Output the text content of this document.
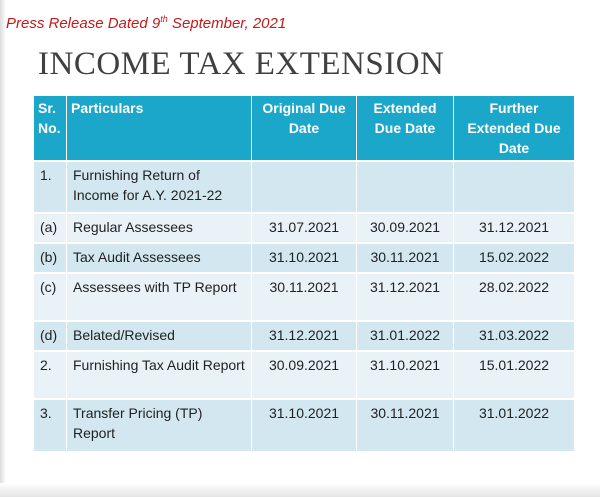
Press Release Dated 9th September, 2021
INCOME TAX EXTENSION
Sr. No.	Particulars	Original Due Date	Extended Due Date	Further Extended Due Date
1.	Furnishing Return of Income for A.Y. 2021-22			
(a)	Regular Assessees	31.07.2021	30.09.2021	31.12.2021
(b)	Tax Audit Assessees	31.10.2021	30.11.2021	15.02.2022
(c)	Assessees with TP Report	30.11.2021	31.12.2021	28.02.2022
(d)	Belated/Revised	31.12.2021	31.01.2022	31.03.2022
2.	Furnishing Tax Audit Report	30.09.2021	31.10.2021	15.01.2022
3.	Transfer Pricing (TP) Report	31.10.2021	30.11.2021	31.01.2022
